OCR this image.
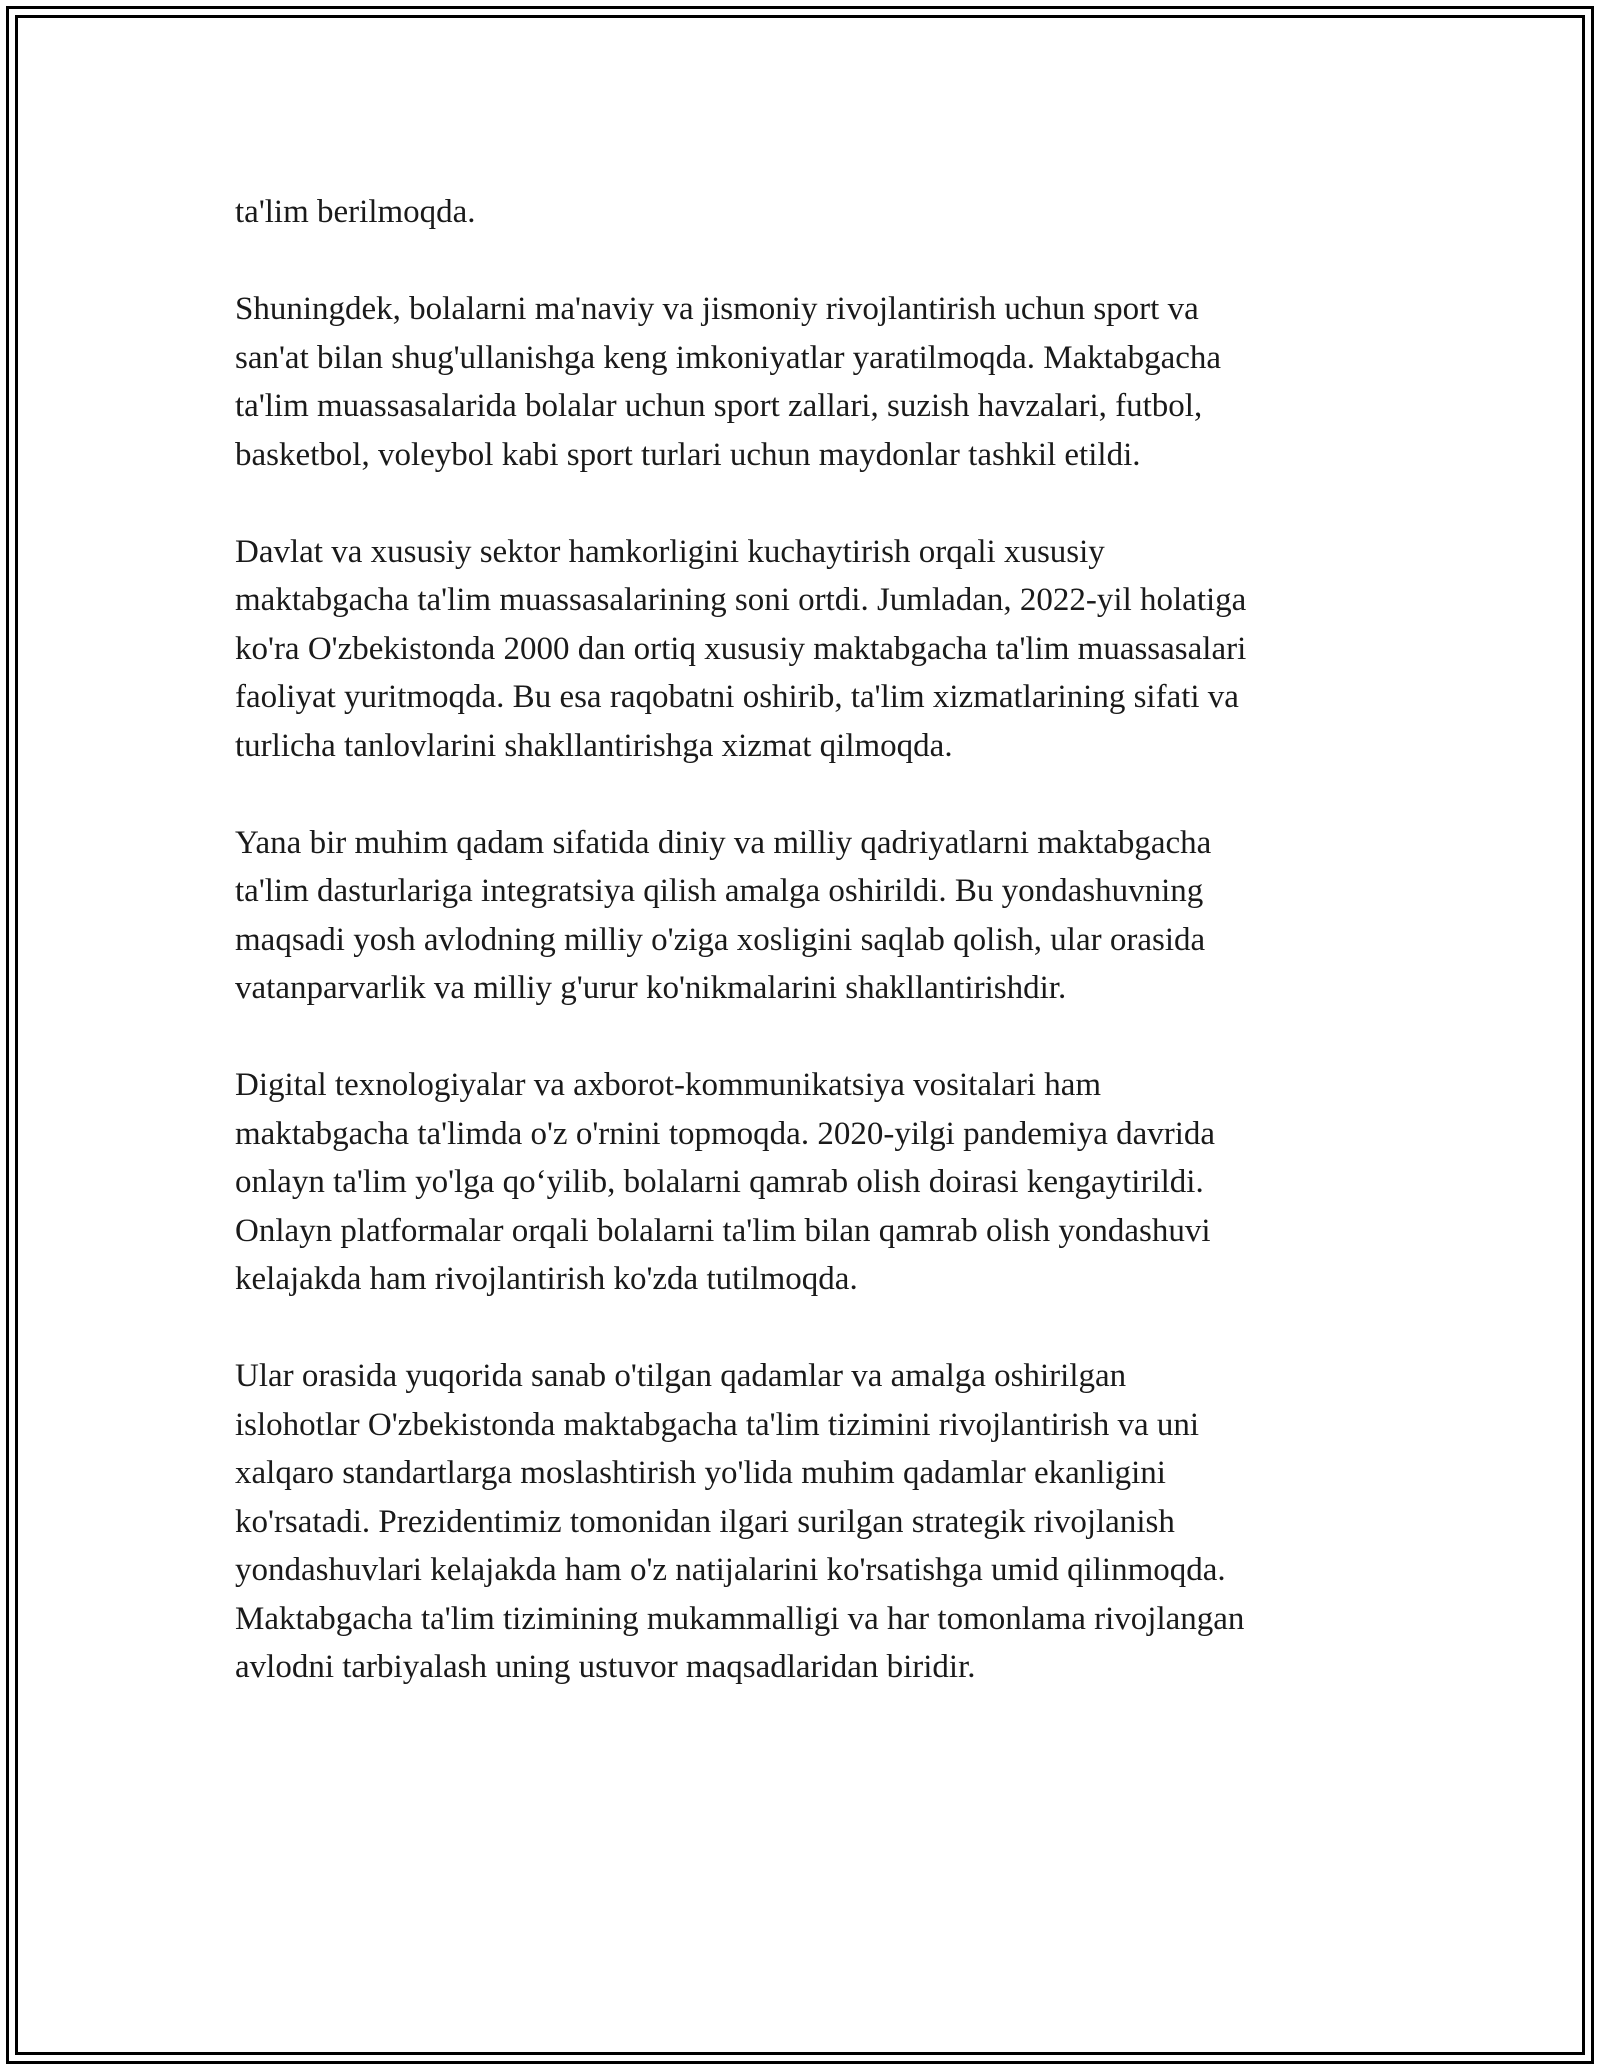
ta'lim berilmoqda.

Shuningdek, bolalarni ma'naviy va jismoniy rivojlantirish uchun sport va
san'at bilan shug'ullanishga keng imkoniyatlar yaratilmoqda. Maktabgacha
ta'lim muassasalarida bolalar uchun sport zallari, suzish havzalari, futbol,
basketbol, voleybol kabi sport turlari uchun maydonlar tashkil etildi.

Davlat va xususiy sektor hamkorligini kuchaytirish orqali xususiy
maktabgacha ta'lim muassasalarining soni ortdi. Jumladan, 2022-yil holatiga
ko'ra O'zbekistonda 2000 dan ortiq xususiy maktabgacha ta'lim muassasalari
faoliyat yuritmoqda. Bu esa raqobatni oshirib, ta'lim xizmatlarining sifati va
turlicha tanlovlarini shakllantirishga xizmat qilmoqda.

Yana bir muhim qadam sifatida diniy va milliy qadriyatlarni maktabgacha
ta'lim dasturlariga integratsiya qilish amalga oshirildi. Bu yondashuvning
maqsadi yosh avlodning milliy o'ziga xosligini saqlab qolish, ular orasida
vatanparvarlik va milliy g'urur ko'nikmalarini shakllantirishdir.

Digital texnologiyalar va axborot-kommunikatsiya vositalari ham
maktabgacha ta'limda o'z o'rnini topmoqda. 2020-yilgi pandemiya davrida
onlayn ta'lim yo'lga qo‘yilib, bolalarni qamrab olish doirasi kengaytirildi.
Onlayn platformalar orqali bolalarni ta'lim bilan qamrab olish yondashuvi
kelajakda ham rivojlantirish ko'zda tutilmoqda.

Ular orasida yuqorida sanab o'tilgan qadamlar va amalga oshirilgan
islohotlar O'zbekistonda maktabgacha ta'lim tizimini rivojlantirish va uni
xalqaro standartlarga moslashtirish yo'lida muhim qadamlar ekanligini
ko'rsatadi. Prezidentimiz tomonidan ilgari surilgan strategik rivojlanish
yondashuvlari kelajakda ham o'z natijalarini ko'rsatishga umid qilinmoqda.
Maktabgacha ta'lim tizimining mukammalligi va har tomonlama rivojlangan
avlodni tarbiyalash uning ustuvor maqsadlaridan biridir.
